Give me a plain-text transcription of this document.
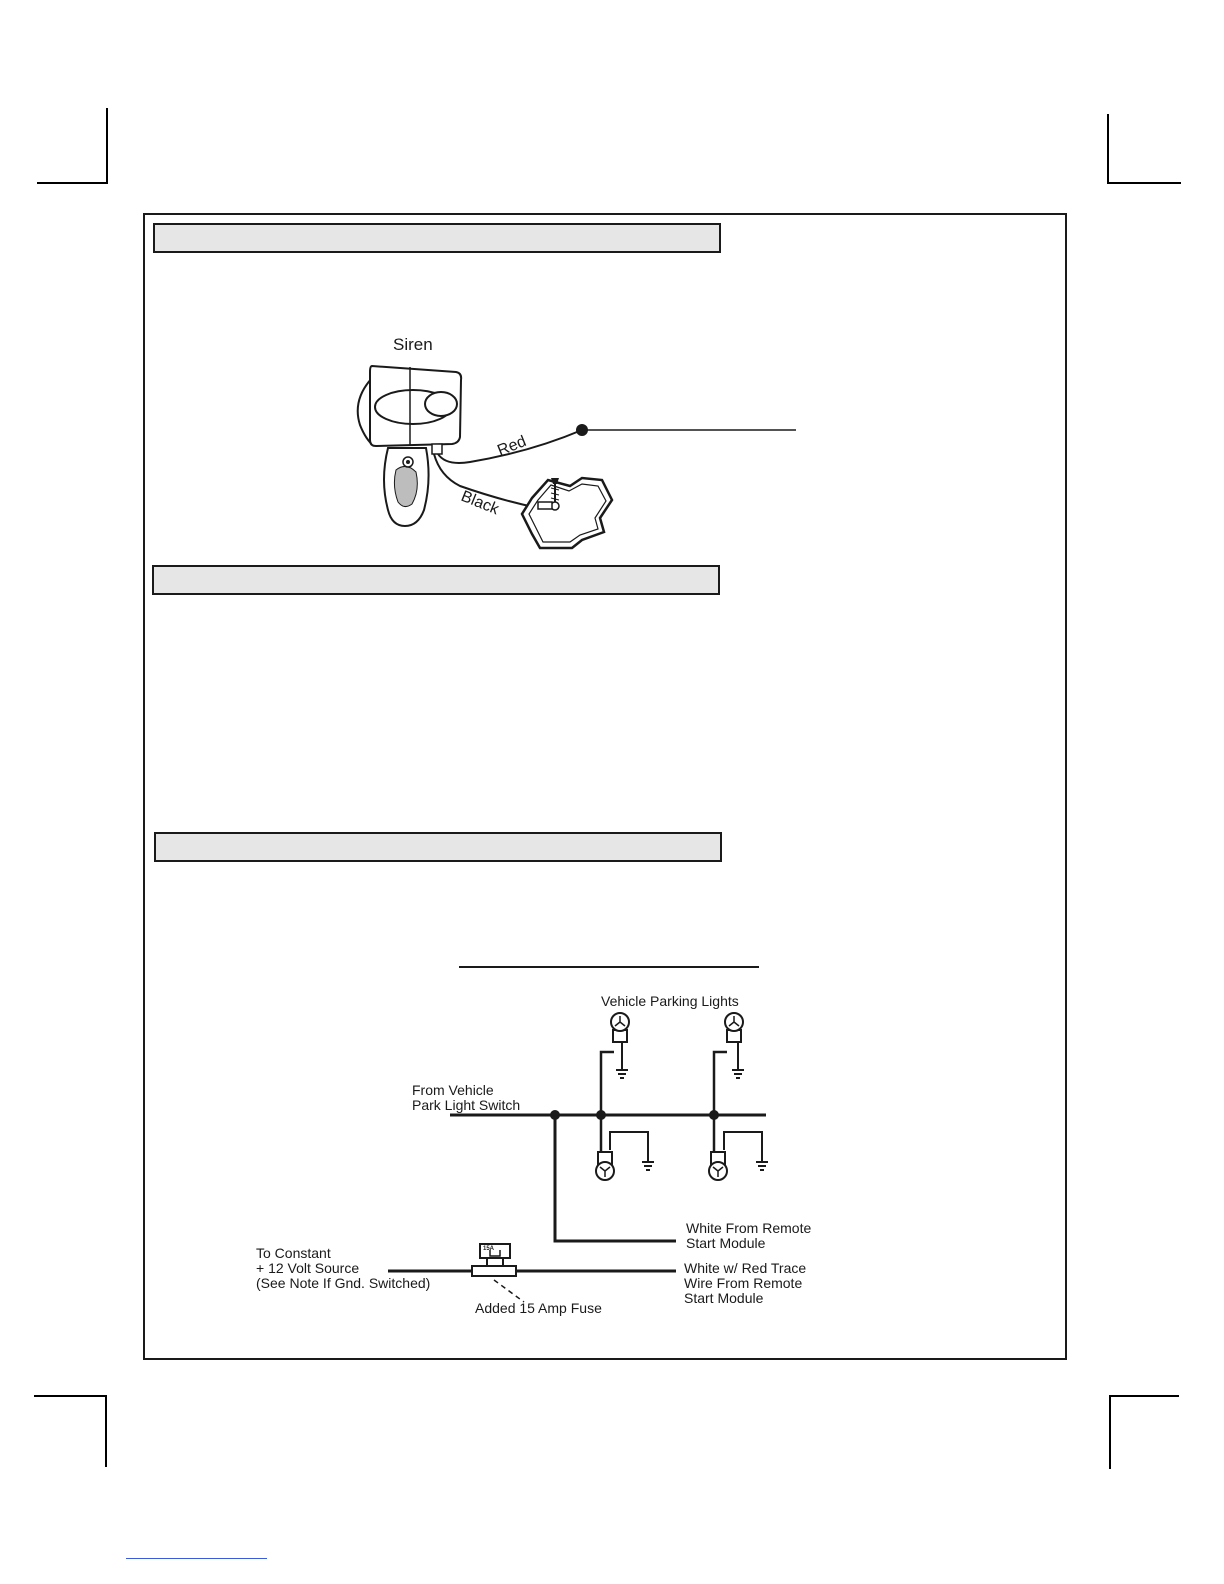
Siren
Red
Black
15A
Vehicle Parking Lights
From Vehicle
Park Light Switch
White From Remote
Start Module
White w/ Red Trace
Wire From Remote
Start Module
To Constant
+ 12 Volt Source
(See Note If Gnd. Switched)
Added 15 Amp Fuse
